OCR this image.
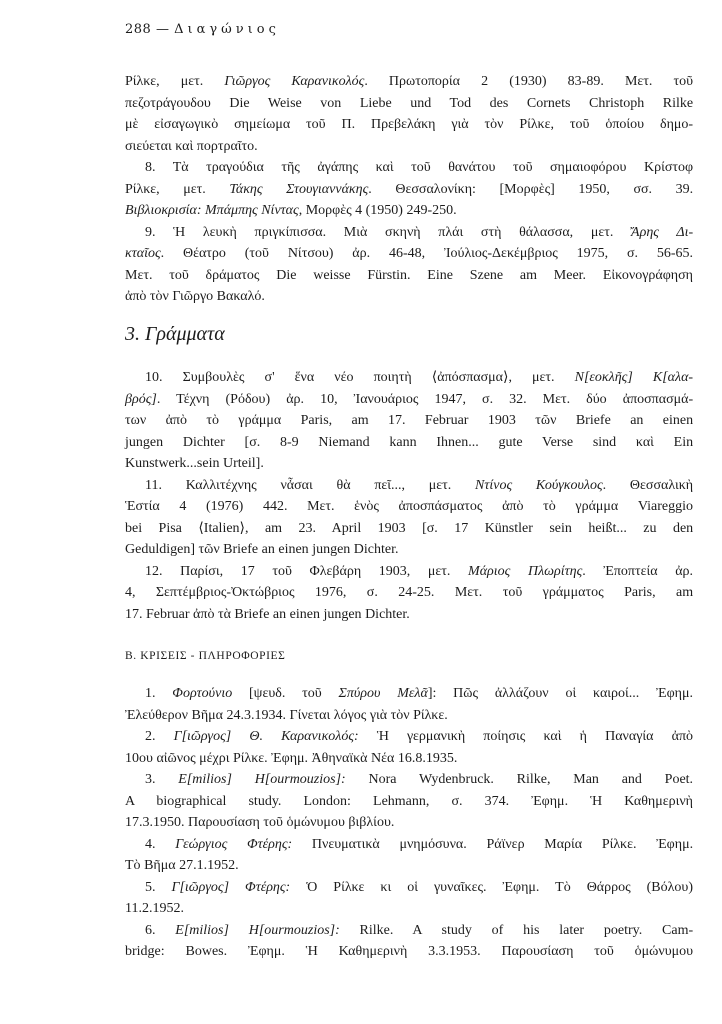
288 — Διαγώνιος
Ρίλκε, μετ. Γιῶργος Καρανικολός. Πρωτοπορία 2 (1930) 83-89. Μετ. τοῦ
πεζοτράγουδου Die Weise von Liebe und Tod des Cornets Christoph Rilke
μὲ εἰσαγωγικὸ σημείωμα τοῦ Π. Πρεβελάκη γιὰ τὸν Ρίλκε, τοῦ ὁποίου δημο-
σιεύεται καὶ πορτραῖτο.
8. Τὰ τραγούδια τῆς ἀγάπης καὶ τοῦ θανάτου τοῦ σημαιοφόρου Κρίστοφ
Ρίλκε, μετ. Τάκης Στουγιαννάκης. Θεσσαλονίκη: [Μορφὲς] 1950, σσ. 39.
Βιβλιοκρισία: Μπάμπης Νίντας, Μορφὲς 4 (1950) 249-250.
9. Ἡ λευκὴ πριγκίπισσα. Μιὰ σκηνὴ πλάι στὴ θάλασσα, μετ. Ἄρης Δι-
κταῖος. Θέατρο (τοῦ Νίτσου) ἀρ. 46-48, Ἰούλιος-Δεκέμβριος 1975, σ. 56-65.
Μετ. τοῦ δράματος Die weisse Fürstin. Eine Szene am Meer. Εἰκονογράφηση
ἀπὸ τὸν Γιῶργο Βακαλό.
3. Γράμματα
10. Συμβουλὲς σ' ἕνα νέο ποιητὴ ⟨ἀπόσπασμα⟩, μετ. N[εοκλῆς] K[αλα-
βρός]. Τέχνη (Ρόδου) ἀρ. 10, Ἰανουάριος 1947, σ. 32. Μετ. δύο ἀποσπασμά-
των ἀπὸ τὸ γράμμα Paris, am 17. Februar 1903 τῶν Briefe an einen
jungen Dichter [σ. 8-9 Niemand kann Ihnen... gute Verse sind καὶ Ein
Kunstwerk...sein Urteil].
11. Καλλιτέχνης νἆσαι θὰ πεῖ..., μετ. Ντίνος Κούγκουλος. Θεσσαλικὴ
Ἑστία 4 (1976) 442. Μετ. ἑνὸς ἀποσπάσματος ἀπὸ τὸ γράμμα Viareggio
bei Pisa ⟨Italien⟩, am 23. April 1903 [σ. 17 Künstler sein heißt... zu den
Geduldigen] τῶν Briefe an einen jungen Dichter.
12. Παρίσι, 17 τοῦ Φλεβάρη 1903, μετ. Μάριος Πλωρίτης. Ἐποπτεία ἀρ.
4, Σεπτέμβριος-Ὀκτώβριος 1976, σ. 24-25. Μετ. τοῦ γράμματος Paris, am
17. Februar ἀπὸ τὰ Briefe an einen jungen Dichter.
B. ΚΡΙΣΕΙΣ - ΠΛΗΡΟΦΟΡΙΕΣ
1. Φορτούνιο [ψευδ. τοῦ Σπύρου Μελᾶ]: Πῶς ἀλλάζουν οἱ καιροί... Ἐφημ.
Ἐλεύθερον Βῆμα 24.3.1934. Γίνεται λόγος γιὰ τὸν Ρίλκε.
2. Γ[ιῶργος] Θ. Καρανικολός: Ἡ γερμανικὴ ποίησις καὶ ἡ Παναγία ἀπὸ
10ου αἰῶνος μέχρι Ρίλκε. Ἐφημ. Ἀθηναϊκὰ Νέα 16.8.1935.
3. E[milios] H[ourmouzios]: Nora Wydenbruck. Rilke, Man and Poet.
A biographical study. London: Lehmann, σ. 374. Ἐφημ. Ἡ Καθημερινὴ
17.3.1950. Παρουσίαση τοῦ ὁμώνυμου βιβλίου.
4. Γεώργιος Φτέρης: Πνευματικὰ μνημόσυνα. Ράϊνερ Μαρία Ρίλκε. Ἐφημ.
Τὸ Βῆμα 27.1.1952.
5. Γ[ιῶργος] Φτέρης: Ὁ Ρίλκε κι οἱ γυναῖκες. Ἐφημ. Τὸ Θάρρος (Βόλου)
11.2.1952.
6. E[milios] H[ourmouzios]: Rilke. A study of his later poetry. Cam-
bridge: Bowes. Ἐφημ. Ἡ Καθημερινὴ 3.3.1953. Παρουσίαση τοῦ ὁμώνυμου
